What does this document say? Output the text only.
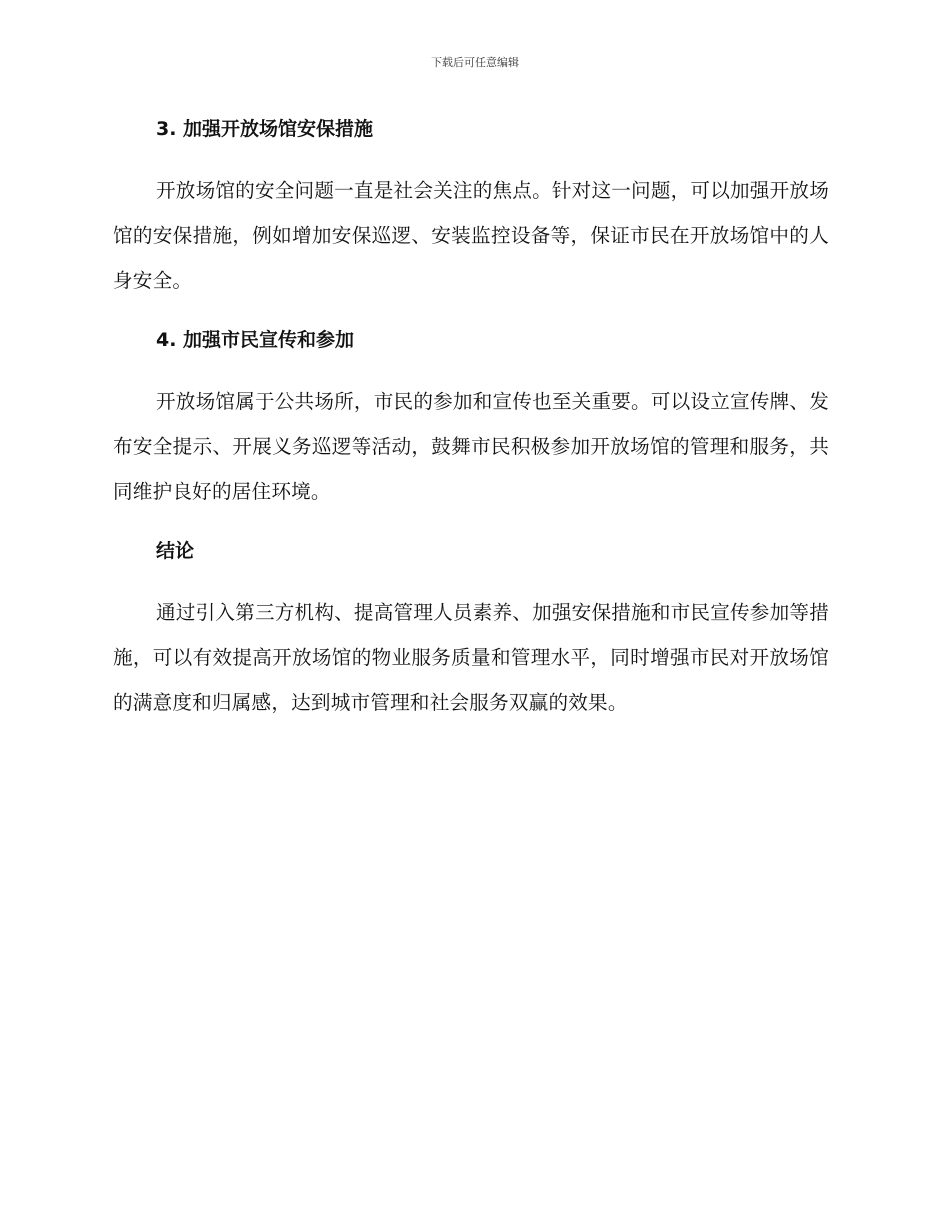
下载后可任意编辑
3. 加强开放场馆安保措施

开放场馆的安全问题一直是社会关注的焦点。针对这一问题，可以加强开放场馆的安保措施，例如增加安保巡逻、安装监控设备等，保证市民在开放场馆中的人身安全。

4. 加强市民宣传和参加

开放场馆属于公共场所，市民的参加和宣传也至关重要。可以设立宣传牌、发布安全提示、开展义务巡逻等活动，鼓舞市民积极参加开放场馆的管理和服务，共同维护良好的居住环境。

结论

通过引入第三方机构、提高管理人员素养、加强安保措施和市民宣传参加等措施，可以有效提高开放场馆的物业服务质量和管理水平，同时增强市民对开放场馆的满意度和归属感，达到城市管理和社会服务双赢的效果。
